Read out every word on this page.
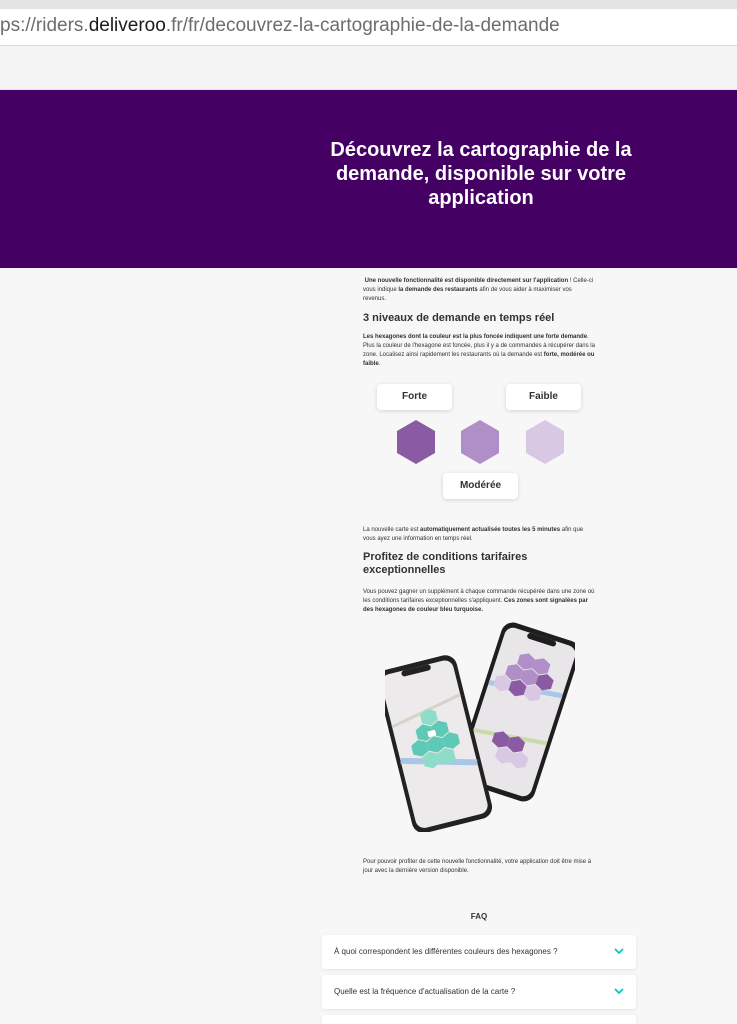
ps://riders.deliveroo.fr/fr/decouvrez-la-cartographie-de-la-demande
Découvrez la cartographie de la demande, disponible sur votre application
Une nouvelle fonctionnalité est disponible directement sur l'application ! Celle-ci vous indique la demande des restaurants afin de vous aider à maximiser vos revenus.
3 niveaux de demande en temps réel
Les hexagones dont la couleur est la plus foncée indiquent une forte demande. Plus la couleur de l'hexagone est foncée, plus il y a de commandes à récupérer dans la zone. Localisez ainsi rapidement les restaurants où la demande est forte, modérée ou faible.
Forte	Faible
Modérée
La nouvelle carte est automatiquement actualisée toutes les 5 minutes afin que vous ayez une information en temps réel.
Profitez de conditions tarifaires exceptionnelles
Vous pouvez gagner un supplément à chaque commande récupérée dans une zone où les conditions tarifaires exceptionnelles s'appliquent. Ces zones sont signalées par des hexagones de couleur bleu turquoise.
Pour pouvoir profiter de cette nouvelle fonctionnalité, votre application doit être mise à jour avec la dernière version disponible.
FAQ
À quoi correspondent les différentes couleurs des hexagones ?
Quelle est la fréquence d'actualisation de la carte ?
